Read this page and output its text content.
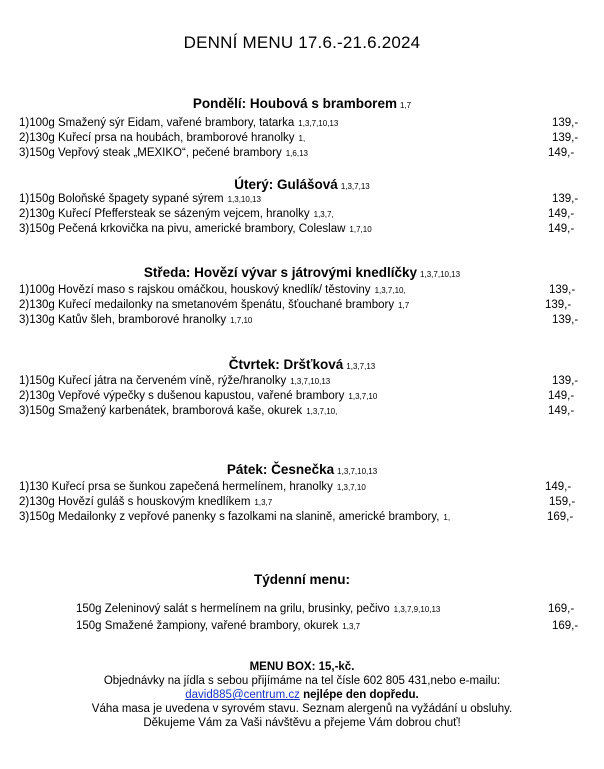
DENNÍ MENU 17.6.-21.6.2024
Pondělí: Houbová s bramborem 1,7
1)100g Smažený sýr Eidam, vařené brambory, tatarka 1,3,7,10,13	139,-
2)130g Kuřecí prsa na houbách, bramborové hranolky 1,	139,-
3)150g Vepřový steak „MEXIKO“, pečené brambory 1,6,13	149,-
Úterý: Gulášová 1,3,7,13
1)150g Boloňské špagety sypané sýrem 1,3,10,13	139,-
2)130g Kuřecí Pfeffersteak se sázeným vejcem, hranolky 1,3,7,	149,-
3)150g Pečená krkovička na pivu, americké brambory, Coleslaw 1,7,10	149,-
Středa: Hovězí vývar s játrovými knedlíčky 1,3,7,10,13
1)100g Hovězí maso s rajskou omáčkou, houskový knedlík/ těstoviny 1,3,7,10,	139,-
2)130g Kuřecí medailonky na smetanovém špenátu, šťouchané brambory 1,7	139,-
3)130g Katův šleh, bramborové hranolky 1,7,10	139,-
Čtvrtek: Dršťková 1,3,7,13
1)150g Kuřecí játra na červeném víně, rýže/hranolky 1,3,7,10,13	139,-
2)130g Vepřové výpečky s dušenou kapustou, vařené brambory 1,3,7,10	149,-
3)150g Smažený karbenátek, bramborová kaše, okurek 1,3,7,10,	149,-
Pátek: Česnečka 1,3,7,10,13
1)130 Kuřecí prsa se šunkou zapečená hermelínem, hranolky 1,3,7,10	149,-
2)130g Hovězí guláš s houskovým knedlíkem 1,3,7	159,-
3)150g Medailonky z vepřové panenky s fazolkami na slanině, americké brambory, 1,	169,-
Týdenní menu:
150g Zeleninový salát s hermelínem na grilu, brusinky, pečivo 1,3,7,9,10,13	169,-
150g Smažené žampiony, vařené brambory, okurek 1,3,7	169,-
MENU BOX: 15,-kč.
Objednávky na jídla s sebou přijímáme na tel čísle 602 805 431,nebo e-mailu:
david885@centrum.cz nejlépe den dopředu.
Váha masa je uvedena v syrovém stavu. Seznam alergenů na vyžádání u obsluhy.
Děkujeme Vám za Vaši návštěvu a přejeme Vám dobrou chuť!
